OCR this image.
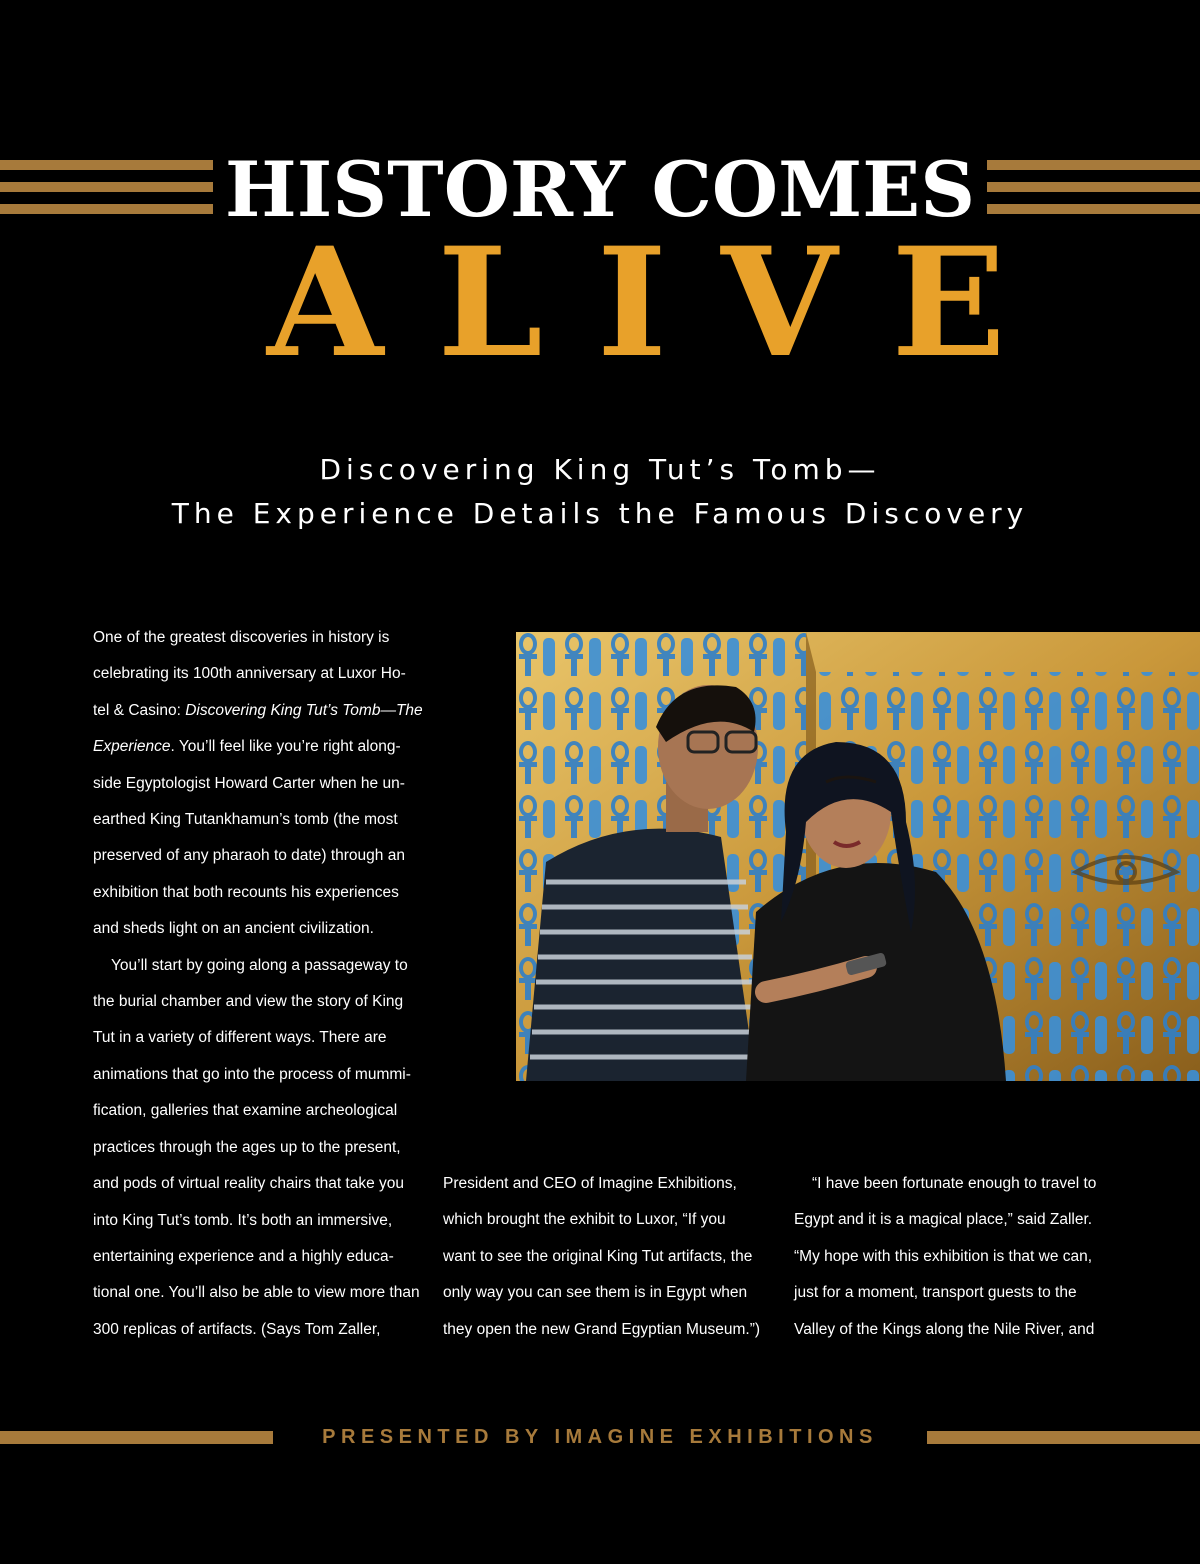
HISTORY COMES
ALIVE
Discovering King Tut’s Tomb—
The Experience Details the Famous Discovery
One of the greatest discoveries in history is
celebrating its 100th anniversary at Luxor Ho-
tel & Casino: Discovering King Tut’s Tomb—The
Experience. You’ll feel like you’re right along-
side Egyptologist Howard Carter when he un-
earthed King Tutankhamun’s tomb (the most
preserved of any pharaoh to date) through an
exhibition that both recounts his experiences
and sheds light on an ancient civilization.
You’ll start by going along a passageway to
the burial chamber and view the story of King
Tut in a variety of different ways. There are
animations that go into the process of mummi-
fication, galleries that examine archeological
practices through the ages up to the present,
and pods of virtual reality chairs that take you
into King Tut’s tomb. It’s both an immersive,
entertaining experience and a highly educa-
tional one. You’ll also be able to view more than
300 replicas of artifacts. (Says Tom Zaller,
President and CEO of Imagine Exhibitions,
which brought the exhibit to Luxor, “If you
want to see the original King Tut artifacts, the
only way you can see them is in Egypt when
they open the new Grand Egyptian Museum.”)
“I have been fortunate enough to travel to
Egypt and it is a magical place,” said Zaller.
“My hope with this exhibition is that we can,
just for a moment, transport guests to the
Valley of the Kings along the Nile River, and
PRESENTED BY IMAGINE EXHIBITIONS
